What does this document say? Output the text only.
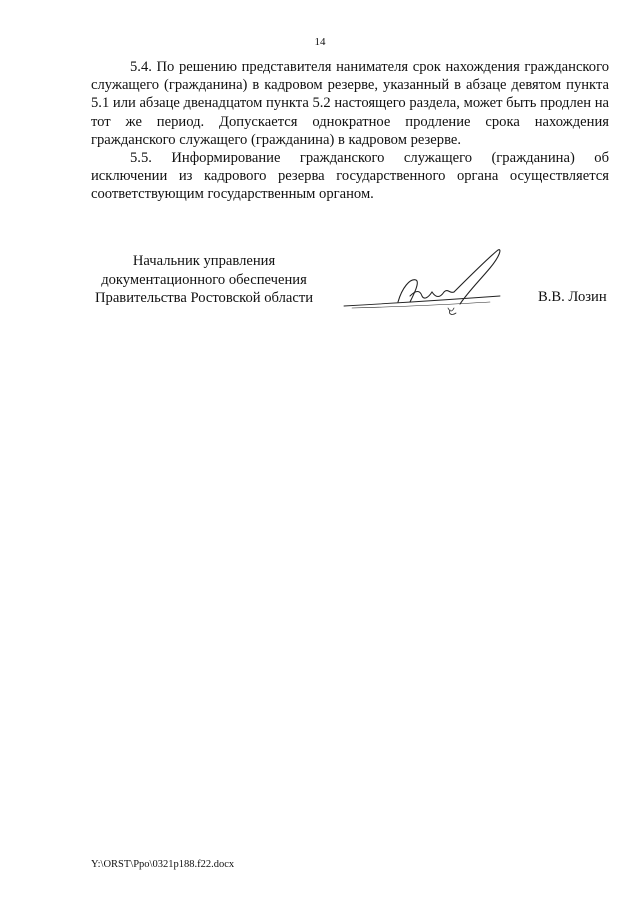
14

5.4. По решению представителя нанимателя срок нахождения гражданского служащего (гражданина) в кадровом резерве, указанный в абзаце девятом пункта 5.1 или абзаце двенадцатом пункта 5.2 настоящего раздела, может быть продлен на тот же период. Допускается однократное продление срока нахождения гражданского служащего (гражданина) в кадровом резерве.

5.5. Информирование гражданского служащего (гражданина) об исключении из кадрового резерва государственного органа осуществляется соответствующим государственным органом.

Начальник управления
документационного обеспечения
Правительства Ростовской области	В.В. Лозин
Y:\ORST\Ppo\0321p188.f22.docx
